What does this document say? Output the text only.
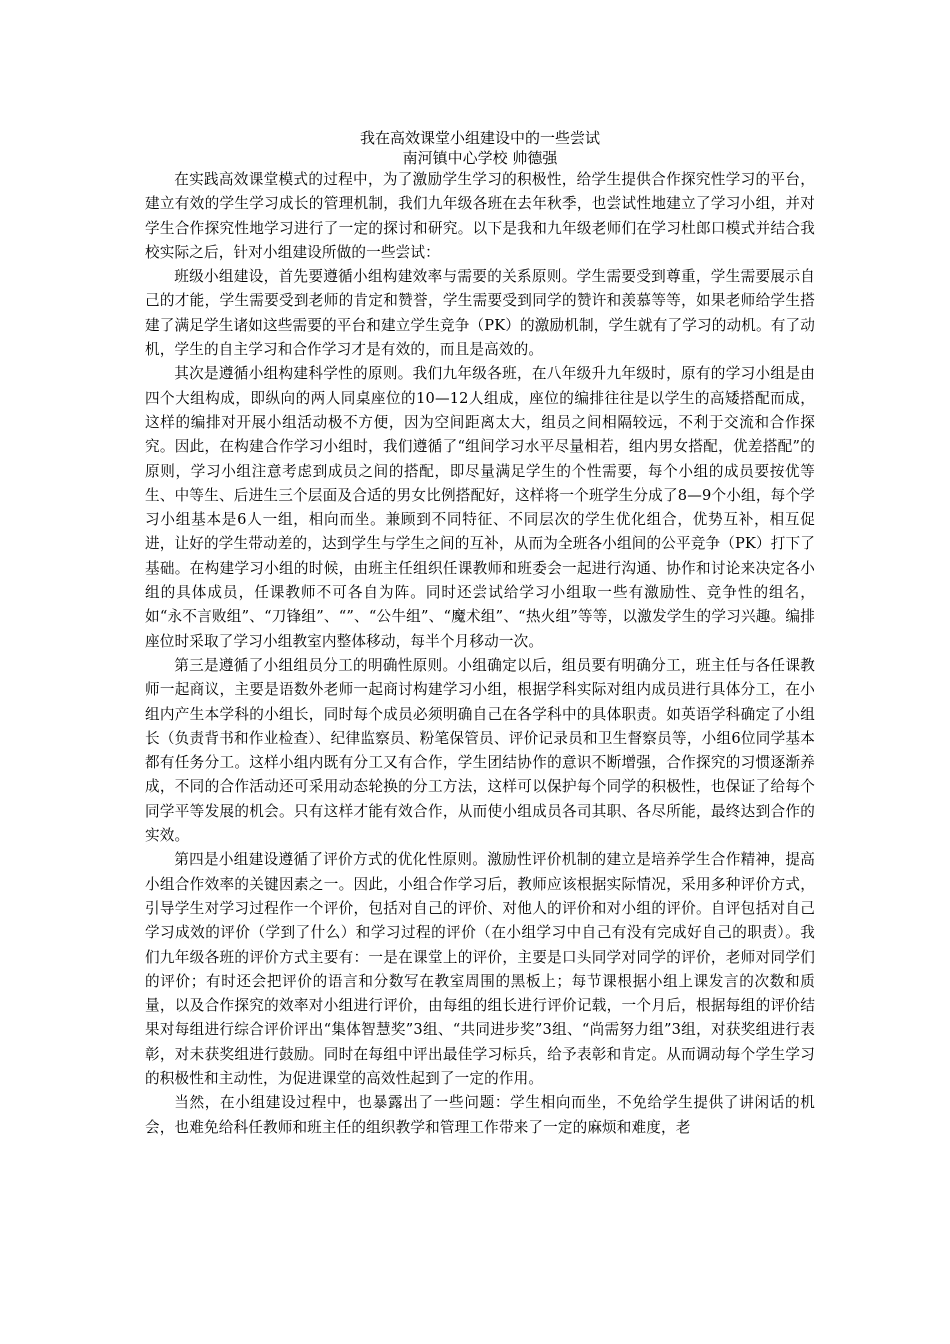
我在高效课堂小组建设中的一些尝试
南河镇中心学校 帅德强

在实践高效课堂模式的过程中，为了激励学生学习的积极性，给学生提供合作探究性学习的平台，建立有效的学生学习成长的管理机制，我们九年级各班在去年秋季，也尝试性地建立了学习小组，并对学生合作探究性地学习进行了一定的探讨和研究。以下是我和九年级老师们在学习杜郎口模式并结合我校实际之后，针对小组建设所做的一些尝试：

班级小组建设，首先要遵循小组构建效率与需要的关系原则。学生需要受到尊重，学生需要展示自己的才能，学生需要受到老师的肯定和赞誉，学生需要受到同学的赞许和羡慕等等，如果老师给学生搭建了满足学生诸如这些需要的平台和建立学生竞争（PK）的激励机制，学生就有了学习的动机。有了动机，学生的自主学习和合作学习才是有效的，而且是高效的。

其次是遵循小组构建科学性的原则。我们九年级各班，在八年级升九年级时，原有的学习小组是由四个大组构成，即纵向的两人同桌座位的10—12人组成，座位的编排往往是以学生的高矮搭配而成，这样的编排对开展小组活动极不方便，因为空间距离太大，组员之间相隔较远，不利于交流和合作探究。因此，在构建合作学习小组时，我们遵循了“组间学习水平尽量相若，组内男女搭配，优差搭配”的原则，学习小组注意考虑到成员之间的搭配，即尽量满足学生的个性需要，每个小组的成员要按优等生、中等生、后进生三个层面及合适的男女比例搭配好，这样将一个班学生分成了8—9个小组，每个学习小组基本是6人一组，相向而坐。兼顾到不同特征、不同层次的学生优化组合，优势互补，相互促进，让好的学生带动差的，达到学生与学生之间的互补，从而为全班各小组间的公平竞争（PK）打下了基础。在构建学习小组的时候，由班主任组织任课教师和班委会一起进行沟通、协作和讨论来决定各小组的具体成员，任课教师不可各自为阵。同时还尝试给学习小组取一些有激励性、竞争性的组名，如“永不言败组”、“刀锋组”、“”、“公牛组”、“魔术组”、“热火组”等等，以激发学生的学习兴趣。编排座位时采取了学习小组教室内整体移动，每半个月移动一次。

第三是遵循了小组组员分工的明确性原则。小组确定以后，组员要有明确分工，班主任与各任课教师一起商议，主要是语数外老师一起商讨构建学习小组，根据学科实际对组内成员进行具体分工，在小组内产生本学科的小组长，同时每个成员必须明确自己在各学科中的具体职责。如英语学科确定了小组长（负责背书和作业检查）、纪律监察员、粉笔保管员、评价记录员和卫生督察员等，小组6位同学基本都有任务分工。这样小组内既有分工又有合作，学生团结协作的意识不断增强，合作探究的习惯逐渐养成，不同的合作活动还可采用动态轮换的分工方法，这样可以保护每个同学的积极性，也保证了给每个同学平等发展的机会。只有这样才能有效合作，从而使小组成员各司其职、各尽所能，最终达到合作的实效。

第四是小组建设遵循了评价方式的优化性原则。激励性评价机制的建立是培养学生合作精神，提高小组合作效率的关键因素之一。因此，小组合作学习后，教师应该根据实际情况，采用多种评价方式，引导学生对学习过程作一个评价，包括对自己的评价、对他人的评价和对小组的评价。自评包括对自己学习成效的评价（学到了什么）和学习过程的评价（在小组学习中自己有没有完成好自己的职责）。我们九年级各班的评价方式主要有：一是在课堂上的评价，主要是口头同学对同学的评价，老师对同学们的评价；有时还会把评价的语言和分数写在教室周围的黑板上；每节课根据小组上课发言的次数和质量，以及合作探究的效率对小组进行评价，由每组的组长进行评价记载，一个月后，根据每组的评价结果对每组进行综合评价评出“集体智慧奖”3组、“共同进步奖”3组、“尚需努力组”3组，对获奖组进行表彰，对未获奖组进行鼓励。同时在每组中评出最佳学习标兵，给予表彰和肯定。从而调动每个学生学习的积极性和主动性，为促进课堂的高效性起到了一定的作用。

当然，在小组建设过程中，也暴露出了一些问题：学生相向而坐，不免给学生提供了讲闲话的机会，也难免给科任教师和班主任的组织教学和管理工作带来了一定的麻烦和难度，老
